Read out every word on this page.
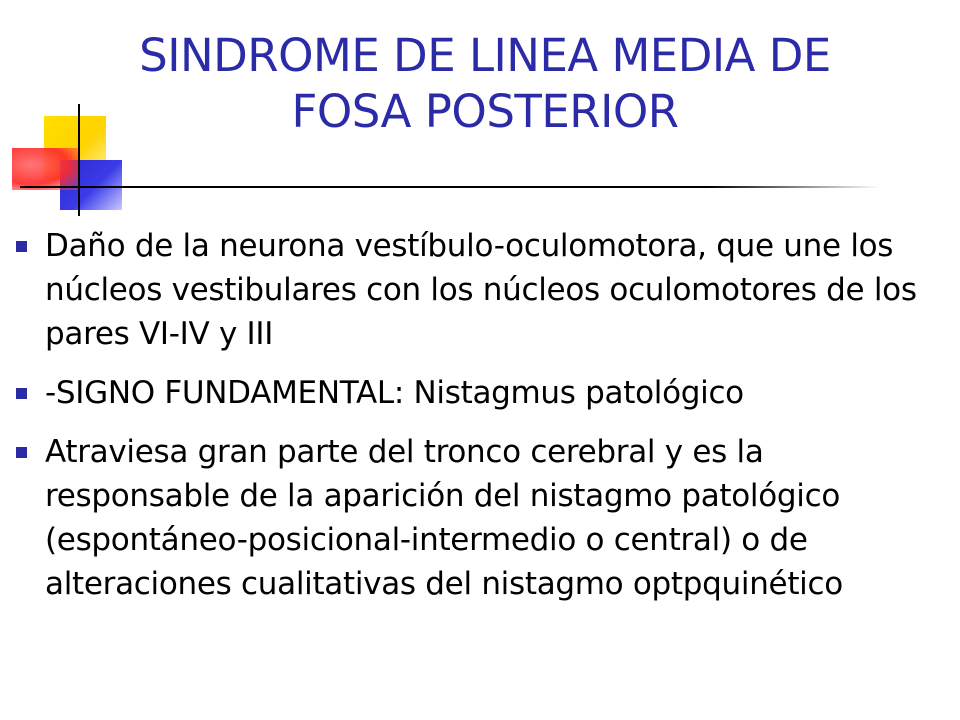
SINDROME DE LINEA MEDIA DE
FOSA POSTERIOR
Daño de la neurona vestíbulo-oculomotora, que une los núcleos vestibulares con los núcleos oculomotores de los pares VI-IV y III
-SIGNO FUNDAMENTAL: Nistagmus patológico
Atraviesa gran parte del tronco cerebral y es la responsable de la aparición del nistagmo patológico (espontáneo-posicional-intermedio o central) o de alteraciones cualitativas del nistagmo optpquinético
